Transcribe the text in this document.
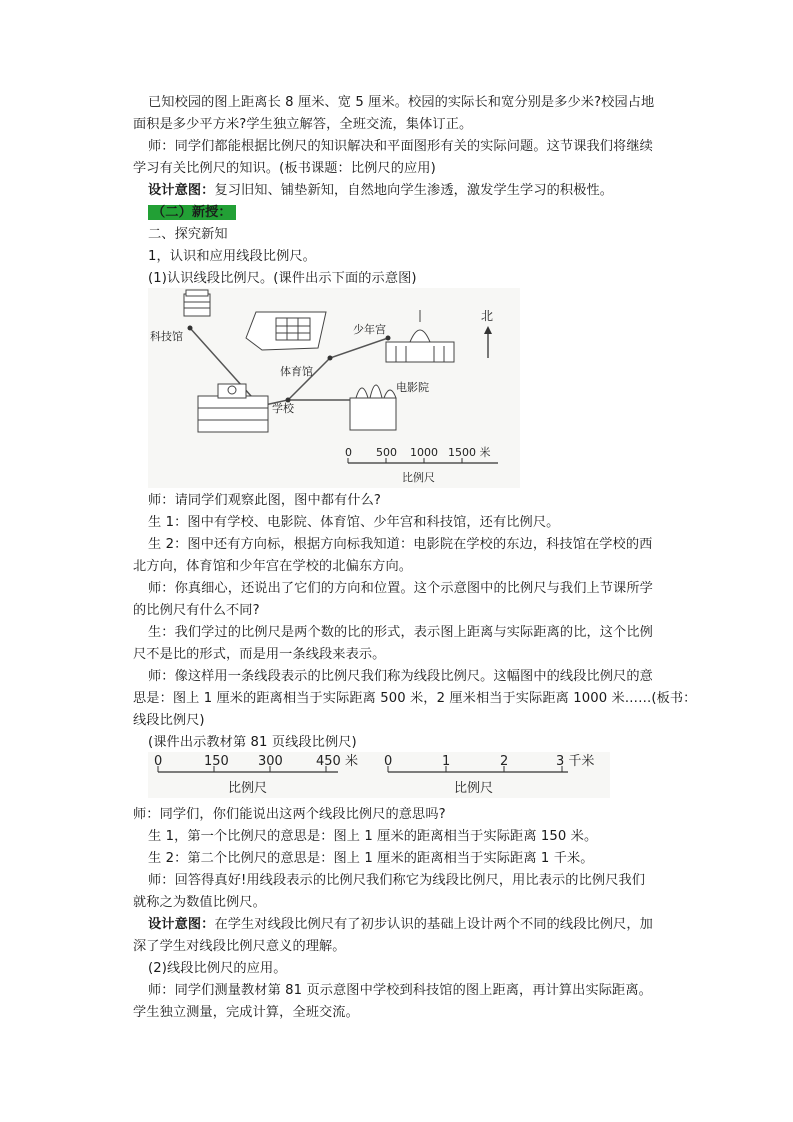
已知校园的图上距离长 8 厘米、宽 5 厘米。校园的实际长和宽分别是多少米?校园占地
面积是多少平方米?学生独立解答，全班交流，集体订正。
师：同学们都能根据比例尺的知识解决和平面图形有关的实际问题。这节课我们将继续
学习有关比例尺的知识。(板书课题：比例尺的应用)
设计意图：复习旧知、铺垫新知，自然地向学生渗透，激发学生学习的积极性。
（二）新授：
二、探究新知
1，认识和应用线段比例尺。
(1)认识线段比例尺。(课件出示下面的示意图)
科技馆
体育馆
少年宫
北
学校
电影院
0 500 1000 1500 米
比例尺
师：请同学们观察此图，图中都有什么?
生 1：图中有学校、电影院、体育馆、少年宫和科技馆，还有比例尺。
生 2：图中还有方向标，根据方向标我知道：电影院在学校的东边，科技馆在学校的西
北方向，体育馆和少年宫在学校的北偏东方向。
师：你真细心，还说出了它们的方向和位置。这个示意图中的比例尺与我们上节课所学
的比例尺有什么不同?
生：我们学过的比例尺是两个数的比的形式，表示图上距离与实际距离的比，这个比例
尺不是比的形式，而是用一条线段来表示。
师：像这样用一条线段表示的比例尺我们称为线段比例尺。这幅图中的线段比例尺的意
思是：图上 1 厘米的距离相当于实际距离 500 米，2 厘米相当于实际距离 1000 米……(板书：
线段比例尺)
(课件出示教材第 81 页线段比例尺)
0	150 300	450 米
比例尺
0	1	2	3 千米
比例尺
师：同学们，你们能说出这两个线段比例尺的意思吗?
生 1，第一个比例尺的意思是：图上 1 厘米的距离相当于实际距离 150 米。
生 2：第二个比例尺的意思是：图上 1 厘米的距离相当于实际距离 1 千米。
师：回答得真好!用线段表示的比例尺我们称它为线段比例尺，用比表示的比例尺我们
就称之为数值比例尺。
设计意图：在学生对线段比例尺有了初步认识的基础上设计两个不同的线段比例尺，加
深了学生对线段比例尺意义的理解。
(2)线段比例尺的应用。
师：同学们测量教材第 81 页示意图中学校到科技馆的图上距离，再计算出实际距离。
学生独立测量，完成计算，全班交流。
